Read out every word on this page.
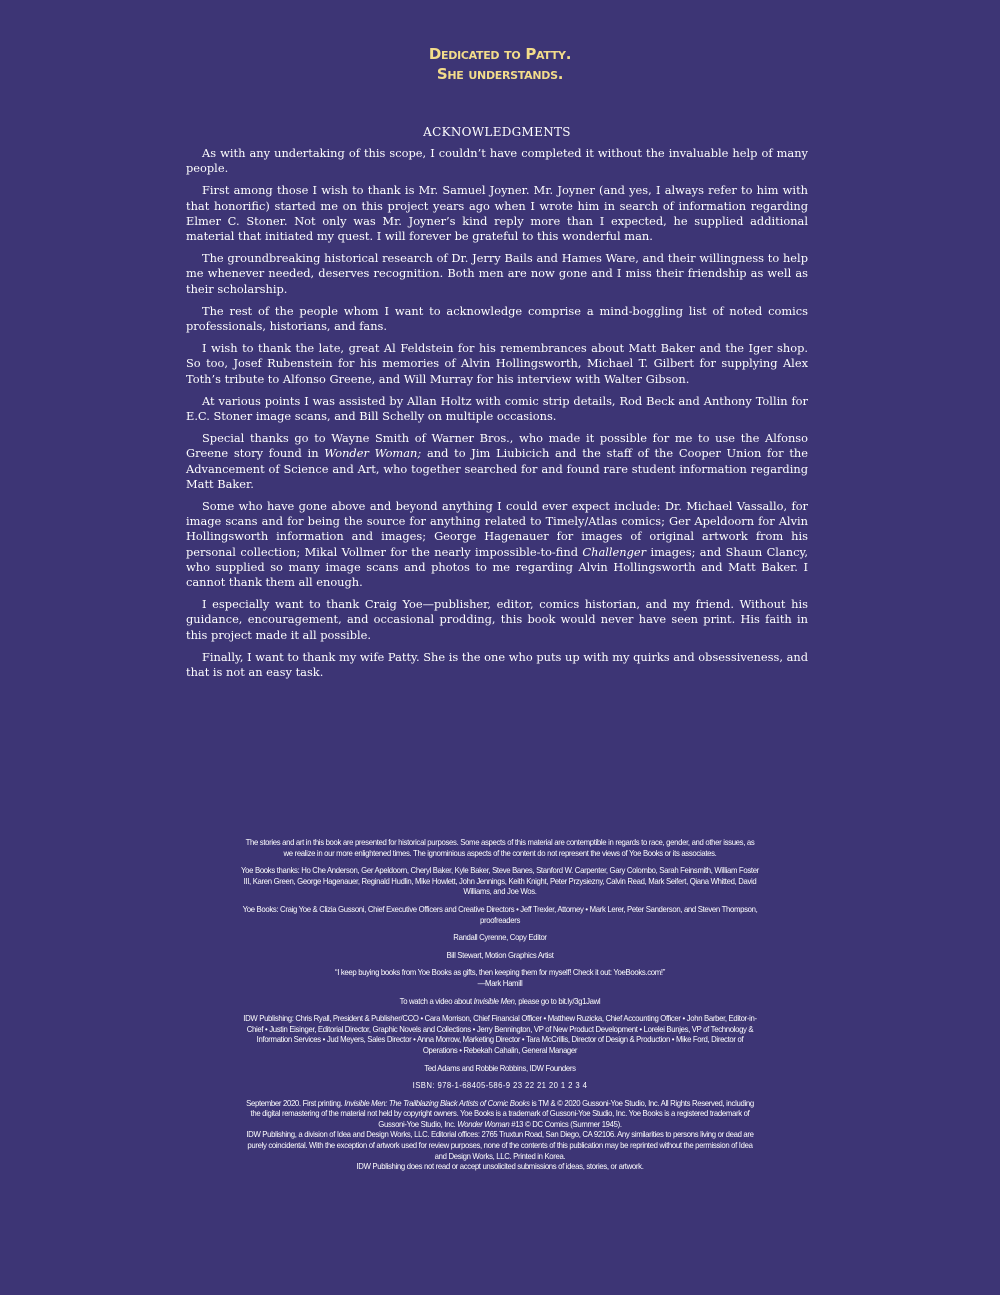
Dedicated to Patty.
She understands.
ACKNOWLEDGMENTS

As with any undertaking of this scope, I couldn’t have completed it without the invaluable help of many people.

First among those I wish to thank is Mr. Samuel Joyner. Mr. Joyner (and yes, I always refer to him with that honorific) started me on this project years ago when I wrote him in search of information regarding Elmer C. Stoner. Not only was Mr. Joyner’s kind reply more than I expected, he supplied additional material that initiated my quest. I will forever be grateful to this wonderful man.

The groundbreaking historical research of Dr. Jerry Bails and Hames Ware, and their willingness to help me whenever needed, deserves recognition. Both men are now gone and I miss their friendship as well as their scholarship.

The rest of the people whom I want to acknowledge comprise a mind-boggling list of noted comics professionals, historians, and fans.

I wish to thank the late, great Al Feldstein for his remembrances about Matt Baker and the Iger shop. So too, Josef Rubenstein for his memories of Alvin Hollingsworth, Michael T. Gilbert for supplying Alex Toth’s tribute to Alfonso Greene, and Will Murray for his interview with Walter Gibson.

At various points I was assisted by Allan Holtz with comic strip details, Rod Beck and Anthony Tollin for E.C. Stoner image scans, and Bill Schelly on multiple occasions.

Special thanks go to Wayne Smith of Warner Bros., who made it possible for me to use the Alfonso Greene story found in Wonder Woman; and to Jim Liubicich and the staff of the Cooper Union for the Advancement of Science and Art, who together searched for and found rare student information regarding Matt Baker.

Some who have gone above and beyond anything I could ever expect include: Dr. Michael Vassallo, for image scans and for being the source for anything related to Timely/Atlas comics; Ger Apeldoorn for Alvin Hollingsworth information and images; George Hagenauer for images of original artwork from his personal collection; Mikal Vollmer for the nearly impossible-to-find Challenger images; and Shaun Clancy, who supplied so many image scans and photos to me regarding Alvin Hollingsworth and Matt Baker. I cannot thank them all enough.

I especially want to thank Craig Yoe—publisher, editor, comics historian, and my friend. Without his guidance, encouragement, and occasional prodding, this book would never have seen print. His faith in this project made it all possible.

Finally, I want to thank my wife Patty. She is the one who puts up with my quirks and obsessiveness, and that is not an easy task.

The stories and art in this book are presented for historical purposes. Some aspects of this material are contemptible in regards to race, gender, and other issues, as we realize in our more enlightened times. The ignominious aspects of the content do not represent the views of Yoe Books or its associates.

Yoe Books thanks: Ho Che Anderson, Ger Apeldoorn, Cheryl Baker, Kyle Baker, Steve Banes, Stanford W. Carpenter, Gary Colombo, Sarah Feinsmith, William Foster III, Karen Green, George Hagenauer, Reginald Hudlin, Mike Howlett, John Jennings, Keith Knight, Peter Przysiezny, Calvin Read, Mark Seifert, Qiana Whitted, David Williams, and Joe Wos.

Yoe Books: Craig Yoe & Clizia Gussoni, Chief Executive Officers and Creative Directors • Jeff Trexler, Attorney • Mark Lerer, Peter Sanderson, and Steven Thompson, proofreaders

Randall Cyrenne, Copy Editor

Bill Stewart, Motion Graphics Artist

“I keep buying books from Yoe Books as gifts, then keeping them for myself! Check it out: YoeBooks.com!”
—Mark Hamill

To watch a video about Invisible Men, please go to bit.ly/3g1Jawl

IDW Publishing: Chris Ryall, President & Publisher/CCO • Cara Morrison, Chief Financial Officer • Matthew Ruzicka, Chief Accounting Officer • John Barber, Editor-in-Chief • Justin Eisinger, Editorial Director, Graphic Novels and Collections • Jerry Bennington, VP of New Product Development • Lorelei Bunjes, VP of Technology & Information Services • Jud Meyers, Sales Director • Anna Morrow, Marketing Director • Tara McCrillis, Director of Design & Production • Mike Ford, Director of Operations • Rebekah Cahalin, General Manager

Ted Adams and Robbie Robbins, IDW Founders

ISBN: 978-1-68405-586-9 23 22 21 20 1 2 3 4

September 2020. First printing. Invisible Men: The Trailblazing Black Artists of Comic Books is TM & © 2020 Gussoni-Yoe Studio, Inc. All Rights Reserved, including the digital remastering of the material not held by copyright owners. Yoe Books is a trademark of Gussoni-Yoe Studio, Inc. Yoe Books is a registered trademark of Gussoni-Yoe Studio, Inc. Wonder Woman #13 © DC Comics (Summer 1945).
IDW Publishing, a division of Idea and Design Works, LLC. Editorial offices: 2765 Truxtun Road, San Diego, CA 92106. Any similarities to persons living or dead are purely coincidental. With the exception of artwork used for review purposes, none of the contents of this publication may be reprinted without the permission of Idea and Design Works, LLC. Printed in Korea.
IDW Publishing does not read or accept unsolicited submissions of ideas, stories, or artwork.
